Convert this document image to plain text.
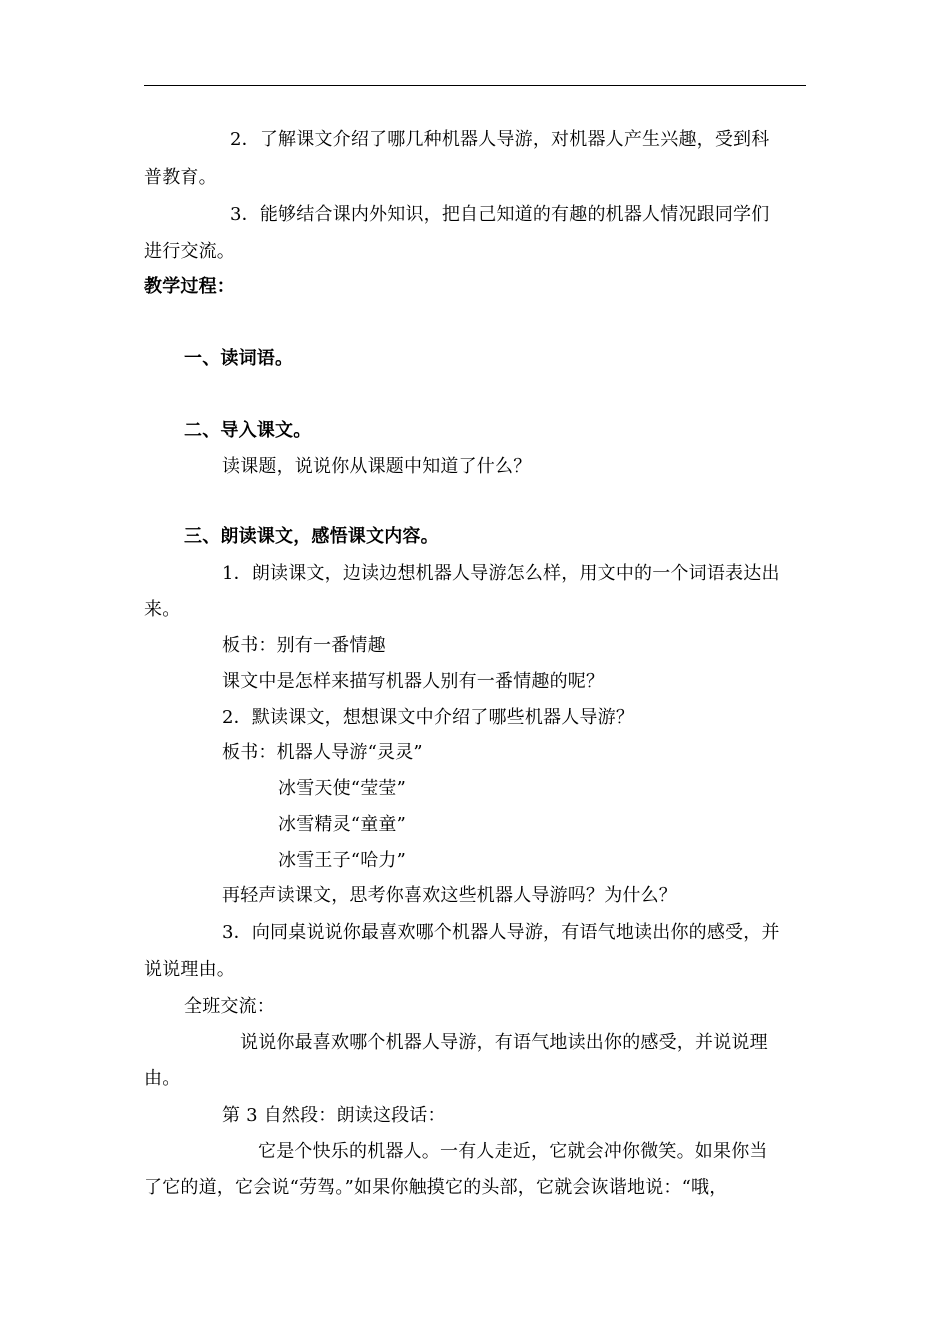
2．了解课文介绍了哪几种机器人导游，对机器人产生兴趣，受到科
普教育。
3．能够结合课内外知识，把自己知道的有趣的机器人情况跟同学们
进行交流。
教学过程：
一、读词语。
二、导入课文。
读课题，说说你从课题中知道了什么？
三、朗读课文，感悟课文内容。
1．朗读课文，边读边想机器人导游怎么样，用文中的一个词语表达出
来。
板书：别有一番情趣
课文中是怎样来描写机器人别有一番情趣的呢？
2．默读课文，想想课文中介绍了哪些机器人导游？
板书：机器人导游“灵灵”
冰雪天使“莹莹”
冰雪精灵“童童”
冰雪王子“哈力”
再轻声读课文，思考你喜欢这些机器人导游吗？为什么？
3．向同桌说说你最喜欢哪个机器人导游，有语气地读出你的感受，并
说说理由。
全班交流：
说说你最喜欢哪个机器人导游，有语气地读出你的感受，并说说理
由。
第 3 自然段：朗读这段话：
它是个快乐的机器人。一有人走近，它就会冲你微笑。如果你当
了它的道，它会说“劳驾。”如果你触摸它的头部，它就会诙谐地说：“哦，
